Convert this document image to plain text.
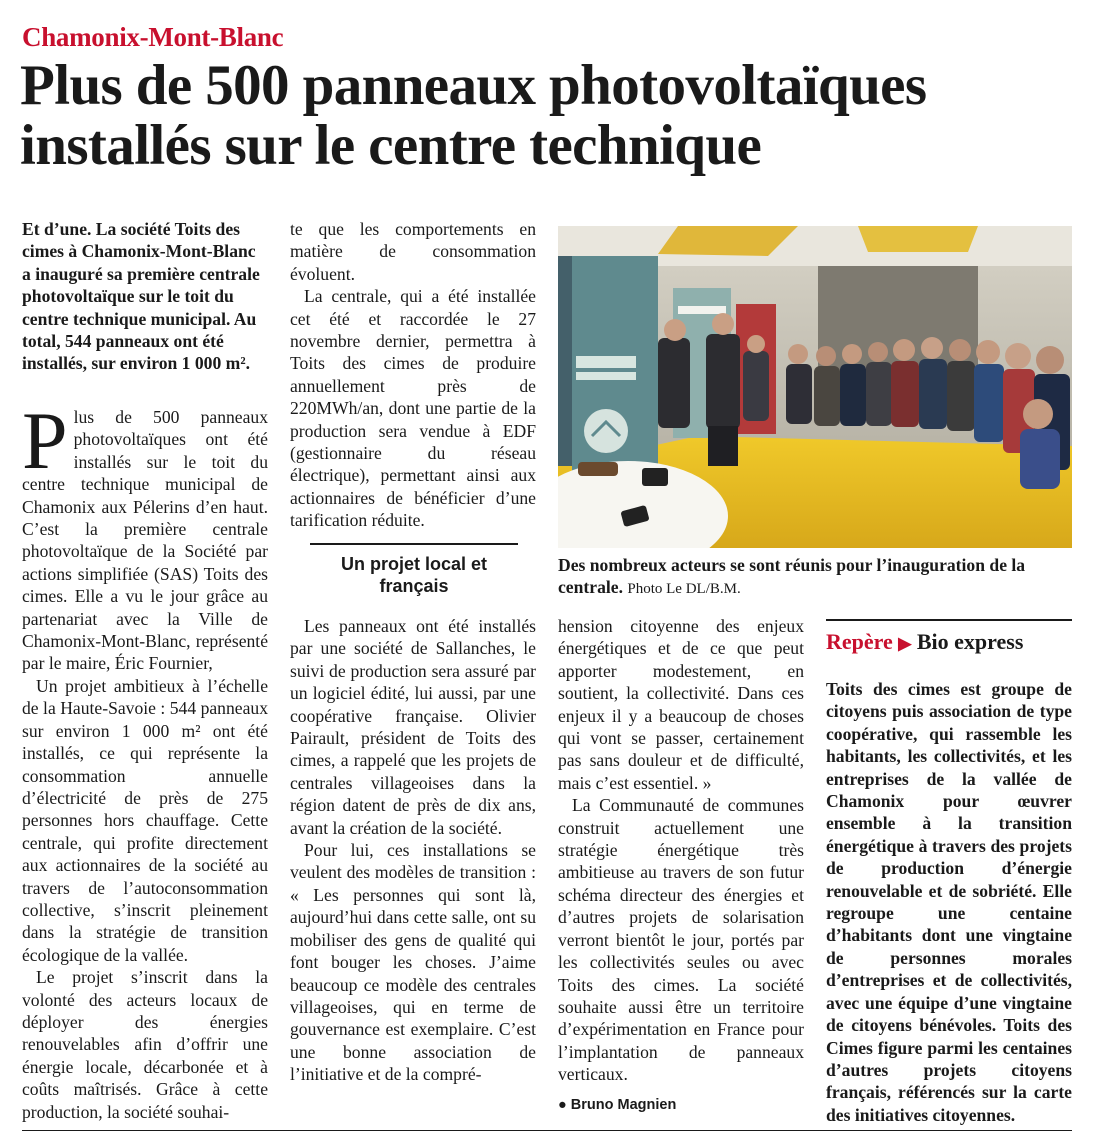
Chamonix-Mont-Blanc
Plus de 500 panneaux photovoltaïques installés sur le centre technique
Et d’une. La société Toits des cimes à Chamonix-Mont-Blanc a inauguré sa première centrale photovoltaïque sur le toit du centre technique municipal. Au total, 544 panneaux ont été installés, sur environ 1 000 m².

Plus de 500 panneaux photovoltaïques ont été installés sur le toit du centre technique municipal de Chamonix aux Pélerins d’en haut. C’est la première centrale photovoltaïque de la Société par actions simplifiée (SAS) Toits des cimes. Elle a vu le jour grâce au partenariat avec la Ville de Chamonix-Mont-Blanc, représenté par le maire, Éric Fournier,

Un projet ambitieux à l’échelle de la Haute-Savoie : 544 panneaux sur environ 1 000 m² ont été installés, ce qui représente la consommation annuelle d’électricité de près de 275 personnes hors chauffage. Cette centrale, qui profite directement aux actionnaires de la société au travers de l’autoconsommation collective, s’inscrit pleinement dans la stratégie de transition écologique de la vallée.

Le projet s’inscrit dans la volonté des acteurs locaux de déployer des énergies renouvelables afin d’offrir une énergie locale, décarbonée et à coûts maîtrisés. Grâce à cette production, la société souhai-

te que les comportements en matière de consommation évoluent.

La centrale, qui a été installée cet été et raccordée le 27 novembre dernier, permettra à Toits des cimes de produire annuellement près de 220MWh/an, dont une partie de la production sera vendue à EDF (gestionnaire du réseau électrique), permettant ainsi aux actionnaires de bénéficier d’une tarification réduite.

Un projet local et français

Les panneaux ont été installés par une société de Sallanches, le suivi de production sera assuré par un logiciel édité, lui aussi, par une coopérative française. Olivier Pairault, président de Toits des cimes, a rappelé que les projets de centrales villageoises dans la région datent de près de dix ans, avant la création de la société.

Pour lui, ces installations se veulent des modèles de transition : « Les personnes qui sont là, aujourd’hui dans cette salle, ont su mobiliser des gens de qualité qui font bouger les choses. J’aime beaucoup ce modèle des centrales villageoises, qui en terme de gouvernance est exemplaire. C’est une bonne association de l’initiative et de la compré-

hension citoyenne des enjeux énergétiques et de ce que peut apporter modestement, en soutient, la collectivité. Dans ces enjeux il y a beaucoup de choses qui vont se passer, certainement pas sans douleur et de difficulté, mais c’est essentiel. »

La Communauté de communes construit actuellement une stratégie énergétique très ambitieuse au travers de son futur schéma directeur des énergies et d’autres projets de solarisation verront bientôt le jour, portés par les collectivités seules ou avec Toits des cimes. La société souhaite aussi être un territoire d’expérimentation en France pour l’implantation de panneaux verticaux.

● Bruno Magnien
Des nombreux acteurs se sont réunis pour l’inauguration de la centrale. Photo Le DL/B.M.
Repère ▶ Bio express
Toits des cimes est groupe de citoyens puis association de type coopérative, qui rassemble les habitants, les collectivités, et les entreprises de la vallée de Chamonix pour œuvrer ensemble à la transition énergétique à travers des projets de production d’énergie renouvelable et de sobriété. Elle regroupe une centaine d’habitants dont une vingtaine de personnes morales d’entreprises et de collectivités, avec une équipe d’une vingtaine de citoyens bénévoles. Toits des Cimes figure parmi les centaines d’autres projets citoyens français, référencés sur la carte des initiatives citoyennes.
